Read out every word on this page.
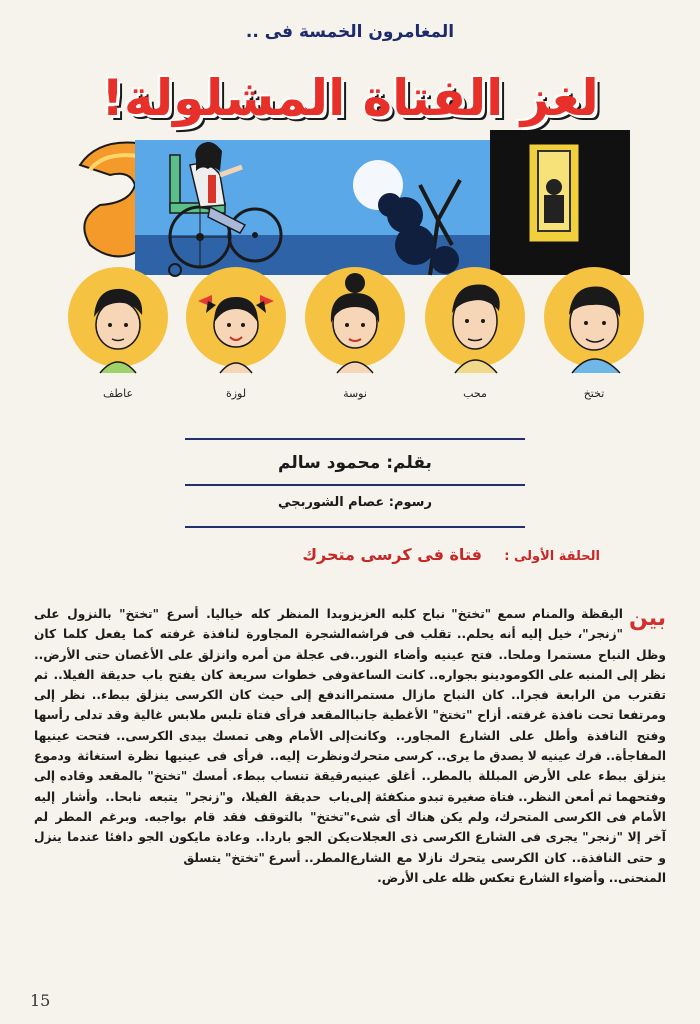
المغامرون الخمسة فى ..
لغز الفتاة المشلولة!
تختخ
محب
نوسة
لوزة
عاطف
بقلم: محمود سالم
رسوم: عصام الشوربجي
الحلقة الأولى :    فتاة فى كرسى متحرك
بين

اليقظة والمنام سمع "تختخ" نباح كلبه العزيز "زنجر"، خيل إليه أنه يحلم.. تقلب فى فراشه وظل النباح مستمرا وملحا.. فتح عينيه وأضاء النور.. نظر إلى المنبه على الكومودينو بجواره.. كانت الساعة تقترب من الرابعة فجرا.. كان النباح مازال مستمرا ومرتفعا تحت نافذة غرفته. أزاح "تختخ" الأغطية جانبا وفتح النافذة وأطل على الشارع المجاور.. وكانت المفاجأة.. فرك عينيه لا يصدق ما يرى.. كرسى متحرك ينزلق ببطء على الأرض المبللة بالمطر.. أغلق عينيه وفتحهما ثم أمعن النظر.. فتاة صغيرة تبدو منكفئة إلى الأمام فى الكرسى المتحرك، ولم يكن هناك أى شىء آخر إلا "زنجر" يجرى فى الشارع الكرسى ذى العجلات و حتى النافذة.. كان الكرسى يتحرك نازلا مع الشارع المنحنى.. وأضواء الشارع تعكس ظله على الأرض.

وبدا المنظر كله خياليا. أسرع "تختخ" بالنزول على الشجرة المجاورة لنافذة غرفته كما يفعل كلما كان فى عجلة من أمره وانزلق على الأغصان حتى الأرض.. وفى خطوات سريعة كان يفتح باب حديقة الفيلا.. ثم اندفع إلى حيث كان الكرسى ينزلق ببطء.. نظر إلى المقعد فرأى فتاة تلبس ملابس غالية وقد تدلى رأسها إلى الأمام وهى تمسك بيدى الكرسى.. فتحت عينيها ونظرت إليه.. فرأى فى عينيها نظرة استغاثة ودموع رقيقة تنساب ببطء. أمسك "تختخ" بالمقعد وقاده إلى باب حديقة الفيلا، و"زنجر" يتبعه نابحا.. وأشار إليه "تختخ" بالتوقف فقد قام بواجبه. وبرغم المطر لم يكن الجو باردا.. وعادة مايكون الجو دافئا عندما ينزل المطر.. أسرع "تختخ" يتسلق

15
